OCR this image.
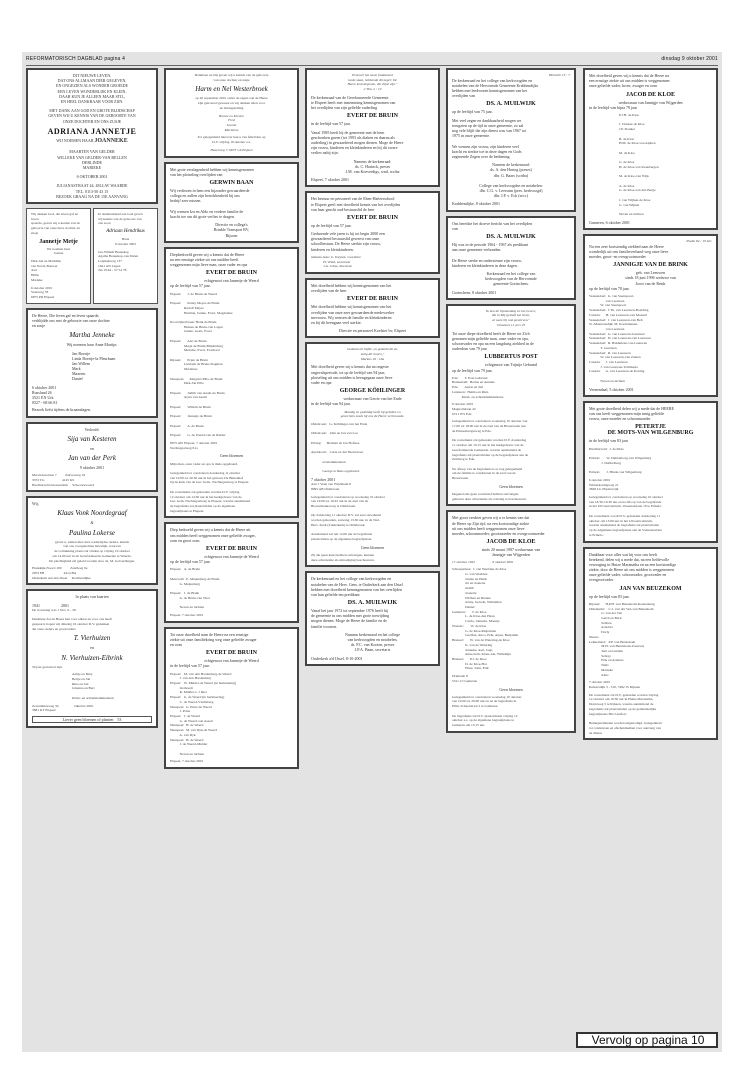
REFORMATORISCH DAGBLAD pagina 4	dinsdag 9 oktober 2001
DIT NIEUWE LEVEN,
DAT ONS ALLMAAN DIER GEGEVEN,
EN ONGEZIEN ALS WONDER GROEIDE
EEN LEVEN WONDERLIJK EN KLEIN,
DAAR KUN JE ALLEEN MAAR STIL,
EN HEEL DANKBAAR VOOR ZIJN.
MET DANK AAN GOD EN GROTE BLIJDSCHAP
GEVEN WIJ U KENNIS VAN DE GEBOORTE VAN
ONZE DOCHTER EN ONS ZUSJE
ADRIANA JANNETJE
WIJ NOEMEN HAAR JOANNEKE
MAARTEN VAN GELDER
WILLEKE VAN GELDER-VAN BELLEN
DERLINDE
MARIEKE
6 OKTOBER 2001
JULIANASTRAAT 44, 4814 AV WAARDE
TEL. 0113-50 43 15
BEZOEK GRAAG NA DE 15E AANVANG
Wij danken God, die leven gaf en leven
spaarde, geven wij u kennis van de
geboorte van onze lieve dochter en
zusje
Jannetje Metje
We noemen haar
Joanne
Dirk-Jan en Mathilde
van Nevel-Bouwer
Aart
Hillie
Marieke
6 oktober 2001
Veenweg 33
6875 PR Elspeet
In dankbaarheid aan God geven
wij kennis van de geboorte van
ons zoon
Adriaan Hendrikus
Hans
8 oktober 2001
Jan-Willem Beusekop
Agatha Beusekop-van Dalen
Leijdsekweg 137
1641 AN Lagen
Tel. 0164 - 57 54 78
De Heere, Die leven gaf en leven spaarde,
verblijdde ons met de geboorte van onze dochter
en zusje
Martha Jenneke
Wij noemen haar Anne Martijn.
Jan Boertje
Linda Boertje-la Fleurbaan
Jan Willem
Mark
Maarten
Daniel
6 oktober 2001
Russland 26
3521 EN Urk
0527 - 68 66 81
Bezoek liefst tijdens de kraamdagen.
Verloofd:
Sija van Kesteren
en
Jan van der Perk
9 oktober 2001
Mercuriusstraat 7          Kalverweg 19
3372 TG                    4145 KS
Hardinxveld-Giessendam     Schoonrewoerd
Wij,
Klaas Vonk Noordegraaf
&
Paulina Lokerse
geven u, samen met onze wederzijdse ouders, kennis
van ons voorgenomen huwelijk, waarvan
de voltrekking plaats zal vinden op vrijdag 19 oktober
om 14.00 uur in de Gereformeerde Gemeente te Waarde.
De plechtigheid zal geleid worden door ds. M. Golverdingen.
Elsakkijk-Noord 100          Zandweg 9e
2953 EB                      4414 BA
Ouderkerk aan den IJssel     Krabbendijke
In plaats van kaarten
1941                     2001
De trouwdag was 1 Nov. 6 - 29

Dankbaar dat de Heere hen voor elkaar en voor ons heeft
gespaard, hopen wij dinsdag 16 oktober D.V. gedenken
dat onze ouders en grootouders
T. Vierhuizen
en
N. Vierhuizen-Eibrink
50 jaar getrouwd zijn.
Aaltje en Diny
Bertje en Jan
Rina en Jan
Johanna en Bert

Klein- en achterkleinkinderen
Zevenhuizeweg 34                  Oktober 2001
3881 KT Elspeet
Liever geen bloemen of planten    53
Dankbaar en blij geven wij u kennis van de geboorte
van onze dochter en zusje
Harm en Nel Westerbroek
op 26 september 2001 onder de zegen van de Heere
zijn getrouwd geweest en wij danken allen voor
de belangstelling
Bouwe en Kirsten
Fred
Leonie
Marianne
Tot gelegenheid hierover kan u van felicitatie op
D.V. vrijdag 19 oktober a.s.
Haverweg 7, 6873 CA Elspeet
Met grote verslagenheid hebben wij kennisgenomen
van het plotseling overlijden van
GERWIN BAAN
Wij verliezen in hem een bijzonder gewaardeerde
collega en zullen zijn betrokkenheid bij ons
bedrijf zeer missen.

Wij wensen Iza en Aldo en verdere familie de
kracht toe om dit grote verlies te dragen.
Directie en collega's
Brinkle Transport BV,
Rijssen
Diepbedroefd geven wij u kennis dat de Heere
na een ernstige ziekte uit ons midden heeft
weggenomen mijn lieve man, onze vader en opa
EVERT DE BRUIN
echtgenoot van Jannetje de Weerd
op de leeftijd van 57 jaar.
Elspeet:       J. de Bruin-de Weerd

Elspeet:       Penny Meyer-de Bruin
Rudolf Meyer
Herman, Janine, Evert, Magdalene

Kootwijkerbroek: Henk de Bruin
Heleen de Bruin-van Lagen
Janine, Geert, Evert

Elspeet:       Aart de Bruin
Marja de Bruin-Blijdenberg
Melodie, Evert, Everhard

Rijssen:       Erjan de Bruin
Liesbeth de Bruin-Slagman
Marianne

Nunspeet:      Margriet Pillo-de Bruin
Dirk-Jan Pillo

Elspeet:       Judith van Asselt-de Bruin
Arjan van Asselt

Elspeet:       Willem de Bruin

Elspeet:       Jannetje de Bruin

Elspeet:       A. de Bruin

Elspeet:       G. de Weerd-van de Ridder
8075 AW Elspeet, 7 oktober 2001
Nachtegaalweg 61a
Geen bloemen
Mijn man, onze vader en opa is thuis opgebaard.

Gelegenheid tot condoleren donderdag 11 oktober
van 19.00 tot 20.30 uur in het gebouw De Buitenhof
bij de kerk van de Ger. Gem., Nachtegaalweg te Elspeet.

De rouwdienst zal gehouden worden D.V. vrijdag
12 oktober om 14.30 uur in het kerkgebouw van de
Ger. Gem. Nachtegaalweg te Elspeet, waarna aansluitend
de begrafenis zal plaatsvinden op de algemene
begraafplaats te Elspeet.
Diep bedroefd geven wij u kennis dat de Heere uit
ons midden heeft weggenomen onze geliefde zwager,
oom en groot oom
EVERT DE BRUIN
echtgenoot van Jannetje de Weerd
op de leeftijd van 57 jaar.
Elspeet:   A. de Bruin

Meerveld:  E. Meijenberg-de Bruin
G. Meijenberg

Elspeet:   J. de Bruin
A. de Bruin-van Vliet

Neven en nichten
Elspeet, 7 oktober 2001
Tot onze droefheid nam de Heere na een ernstige
ziekte uit onze familiekring weg onze geliefde zwager
en oom
EVERT DE BRUIN
echtgenoot van Jannetje de Weerd
in de leeftijd van 57 jaar.
Elspeet:   M. van den Hardenberg-de Weerd
J. van den Hardenberg
Elspeet:   W. Mulder-de Weerd (in herinnering)
Oerhoudt
R. Mulder-v. 't Riet
Elspeet:   G. de Weerd (in herinnering)
C. de Weerd-Vlemsberg
Nunspeet:  G. Prins-de Weerd
J. Prins
Elspeet:   J. de Weerd
G. de Weerd-van Asselt
Nunspeet:  H. de Weerd
Nunspeet:  M. van Dyk-de Weerd
A. van Dyk
Nunspeet:  H. de Weerd
J. de Weerd-Mulder

Neven en nichten
Elspeet, 7 oktober 2001
Evenwel het vaste fundament
Gods staat, hebbende dit zegel: De
Heere kent degenen, die Zijne zijn."
2 Tim. 2 : 19
De kerkenraad van de Gereformeerde Gemeente
te Elspeet heeft met instemming kennisgenomen van
het overlijden van zijn geliefde ouderling
EVERT DE BRUIN
in de leeftijd van 57 jaar.
Vanaf 1985 heeft hij de gemeente met de hem
geschonken gaven (tot 1993 als diaken en daarna als
ouderling) in gewaardeerd mogen dienen. Moge de Heere
zijn vrouw, kinderen en kleinkinderen en bij dit zware
verlies nabij zijn.
Namens de kerkenraad:
ds. C. Harinck, preses
J.M. van Koeverdigs, wnd. scriba
Elspeet, 7 oktober 2001
Het bestuur en personeel van de Eben-Haëzerschool
te Elspeet geeft met droefheid kennis van het overlijden
van haar geacht oud-bestuurslid de heer
EVERT DE BRUIN
op de leeftijd van 57 jaar.
Gedurende vele jaren is hij tot begin 2000 een
gewaardeerd bestuurslid geweest van onze
schoolbestuur. De Heere sterkte zijn vrouw,
kinderen en kleinkinderen.
namens deze: G. Kuyten, voorzitter
H. Wind, secretaris
J.A. Jobse, directeur
Met droefheid hebben wij kennisgenomen van het
overlijden van de heer
EVERT DE BRUIN
Met droefheid hebben wij kennisgenomen van het
overlijden van onze zeer gewaardeerde medewerker
mevrouw. Wij wensen de familie en kleinkinderen
en bij dit heengaan veel sterkte.
Directie en personeel Koelster bv, Elspeet
Gedenkt uit liefde, en gedenkt dit zo,
zalig dit rusten,"
Markus 16 : 16a
Met droefheid geven wij u kennis dat na ongeste
ongevalsperiode, tot op de leeftijd van 94 jaar,
plotseling uit ons midden is heengegaan onze lieve
vader en opa
GEORGE KÖHLINGER
weduwnaar van Gerrie van het Ende
in de leeftijd van 94 jaar.
Moedig en geduldig heeft hij geleden en
gevochten zoals hij ons de Heere vertrouwde.
Oldebroek:   G. Köhlinger-van het Ende

Oldebroek:   John en Jan van Loo

Elburg:      Herman en Jan Hofstee

Apeldoorn:   Carla en Jan Nieuwboer

en kleinkinderen

George is thuis opgebaard.
7 oktober 2001
Aan 't Veen van Wijckham 8
8095 AB Oldebroek
Gelegenheid tot condoleren op woensdag 10 oktober
van 19.00 tot 19.45 uur in de zaal van de
Brouwmenkoweg te Oldebroek.

Op donderdag 11 oktober D.V. zal een rouwdienst
worden gehouden, aanvang 13.30 uur, in de Ned.
Herv. Kerk (Zuiderkerk) te Oldebroek.

Aansluitend zal om 12.00 uur de begrafenis
plaatsvinden op de algemene begraafplaats.
Geen bloemen
Zij die geen kaart hebben ontvangen, kunnen
deze advertentie als uitnodiging beschouwen.
De kerkenraad en het college van kerkvoogden en
notabelen van de Herv. Gem. te Ouderkerk aan den IJssel
hebben met droefheid kennisgenomen van het overlijden
van hun geliefde em.predikant
DS. A. MUILWIJK
Vanaf het jaar 1972 tot september 1976 heeft hij
de gemeente in ons midden met grote toewijding
mogen dienen. Moge de Heere de familie en de
familie troosten.
Namens kerkenraad en het college
van kerkvoogden en notabelen,
ds. P.C. van Kooten, preses
J.P.A. Baan, secretaris
Ouderkerk a/d IJssel, 8-10-2001
Hebreën 13 : 7
De kerkenraad en het college van kerkvoogden en
notabelen van de Hervormde Gemeente Krabbendijke
hebben met leedwezen kennisgenomen van het
overlijden van
DS. A. MUILWIJK
op de leeftijd van 75 jaar.
Met veel zegen en dankbaarheid mogen we
terugzien op de tijd in onze gemeente, zo zal
nog vele blijft die zijn dienst was van 1967 tot
1975 in onze gemeente.

We wensen zijn vrouw, zijn kinderen veel
kracht en sterkte toe in deze dagen en Gods
zegenende Zegen over de bediening.
Namens de kerkenraad:
ds. A. den Hartog (preses)
dhr. G. Baars (scriba)

College van kerkvoogden en notabelen:
dhr. C.G. v. Leersum (pres. kerkvoogd)
dhr. J.P. v. Eck (secr.)
Krabbendijke, 8 oktober 2001
Ons bereikte het droeve bericht van het overlijden
van
DS. A. MUILWIJK
Hij was in de periode 1964 - 1967 als predikant
aan onze gemeente verbonden.

De Heere sterke en ondersteune zijn vrouw,
kinderen en kleinkinderen in deze dagen.
Kerkenraad en het college van
kerkvoogden van de Hervormde
gemeente Gorinchem.
Gorinchem, 8 oktober 2001
Ik ben de Opstanding en het Leven;
die in Mij gelooft zal leven,
al ware hij ook gestorven."
Johannes 11 vers 25
Tot onze diepe droefheid heeft de Heere tot Zich
genomen mijn geliefde man, onze vader en opa,
schoonvader en opa na een langdurig ziekbed in de
ouderdom van 79 jaar
LUBBERTUS POST
echtgenoot van Trijntje Gebrand
op de leeftijd van 79 jaar.
Ede:       T. Post-Gebrand
Bennekom:  Bertus en Anneke
Ede:       Anton en Juli
Lunteren:  Hetma en Rien
Klein- en achterkleinkinderen
8 oktober 2001
Magnolialaan 42
6721 WS Ede
Gelegenheid tot condoleren woensdag 10 oktober van
17.00 tot 18.00 uur in de zaal van de Bronzweek aan
de Prinsesbergerweg te Ede.

De rouwdienst zal gehouden worden D.V. donderdag
11 oktober om 10.15 uur in het kerkgebouw van de
Gereformeerde Gemeente, waarna aansluitend de
begrafenis zal plaatsvinden op de begraafplaats aan de
Zuidweg te Ede.

Na afloop van de begrafenis is er nog gelegenheid
om de familie te condoleren in de zaal van de
Bronzweek.
Geen bloemen
Degenen die geen rouwbrief hebben ontvangen,
gelieven deze advertentie als zodanig te beschouwen.
Met groot verdriet geven wij u er kennis van dat
de Heere op Zijn tijd, na een kortstondige ziekte
uit ons midden heeft weggenomen onze lieve
moeder, schoonmoeder, grootmoeder en overgrootmoeder
JACOB DE KLOE
sinds 20 maart 1987 weduwnaar van
Jannigje van Wijgerden
17 oktober 1922                    6 oktober 2001
Scherpenisse:  J. van Weelden-de Kloe
G. van Weelden
Jannie en Henk
Jet en Jeanette
Judith
Jeanette
Dirthan en Rianne
Jenny, Gerwin, Willemien
Daniel
Gameren:       T. de Kloe
L. de Kloe-den Haan
Carrie, Jannette, Maartje
Waarde:        W. de Kloe
G. de Kloe-Reijerman
Geolfen, Anco, Erik, Arjan, Benjamin
Bruksel:       W. van de Wetering-de Kloe
K. van de Wetering
Jenneke, Aart, Jaap,
Anne-beth, Klaas-Jan, Willemijn
Bruksel:       P.J. de Kloe
D. de Kloe-Hoi
Eline, John, Erik
Driehoek 8
5311 CJ Gameren
Geen bloemen
Gelegenheid tot condoleren woensdag 10 oktober
van 19.00 tot 20.00 uur en na de begrafenis in
Elim, Scheerstraat 2 te Gameren.

De begrafenis zal D.V. plaatsvinden vrijdag 12
oktober a.s. op de algemene begraafplaats te
Gameren om 13.15 uur.
Met droefheid geven wij u kennis dat de Heere na
een ernstige ziekte uit ons midden is weggenomen
onze geliefde vader, broer, zwager en oom
JACOB DE KLOE
weduwnaar van Jannigje van Wijgerden
in de leeftijd van bijna 79 jaar
P.J.H. de Kloe

J. Donker-de Kloe
J.P. Donker

B. de Kloe
H.M. de Kloe-van Alphen

M. de Kloe

G. de Kloe
H. de Kloe-van Steenbergen

M. de Kloe-van Wijk

A. de Kloe
G. de Kloe-van den Berge

J. van Wijhen-de Kloe
G. van Wijhen

Neven en nichten
Gameren, 6 oktober 2001
Psalm 84 : 19 ber.
Na een zeer kortstondig ziekbed nam de Heere
wonderlijk uit ons familieverband weg onze lieve
moeder, groot- en overgrootmoeder
JANNIGJE VAN DE BRINK
geb. van Leeuwen
sinds 18 juni 1996 weduwe van
Joost van de Brink
op de leeftijd van 78 jaar.
Veenendaal:  G. van Steenpoort-
van Leeuwen
W. van Steenpoort
Veenendaal:  J.Th. van Leeuwen-Boelding
Canada:      H. van Leeuwen-van Mosselt
Veenendaal:  J. van Leeuwen-van Belt
St.-Maartensdijk: M. Koerntheuen-
van Leeuwen
Veenendaal:  G. van Leeuwen-Geurtsen
Veenendaal:  D. van Leeuwen-van Leeuwen
Veenendaal:  R. Hakhuizen-van Leeuwen
T. Geurtsen
Veenendaal:  R. van Leeuwen
W. van Leeuwen-van Zanten
Canada:      J. van Leeuwen
J. van Leeuwen-Tommasia
Canada:      A. van Leeuwen-de Koning

Neven en nichten
Veenendaal, 5 oktober 2001
Met grote droefheid delen wij u mede dat de HEERE
van ons heeft weggenomen mijn innig geliefde
vrouw, onze moeder en schoonmoeder
PETERTJE
DE MOTS-VAN WILGENBURG
in de leeftijd van 83 jaar
Hardinxveld:  J. de Mots

Ermelo:       W. Dubbelborg-van Wilgenburg
J. Dubbelborg

Ermelo:       J. Hinde-van Wilgenburg
6 oktober 2001
Winterkoningweg 21
3849 LG Harderwijk
Gelegenheid tot condoleren op woensdag 10 oktober
van 18.30-19.30 uur en na afloop van de begrafenis
in het Uitvaartcentrum, Vassenaarlaan 10 te Ermelo.

De rouwdienst wordt D.V. gehouden donderdag 11
oktober om 13.00 uur in het Uitvaartcentrum,
waarna aansluitend de begrafenis zal plaatsvinden
op de Algemene begraafplaats aan de Vassenaarlaan
te Ermelo.
Dankbaar voor alles wat hij voor ons heeft
betekend, delen wij u mede dat, na een liefdevolle
verzorging in Huize Maranatha en na een kortstondige
ziekte, door de Heere uit ons midden is weggenomen
onze geliefde vader, schoonvader, grootvader en
overgrootvader
JAN VAN BEUZEKOM
op de leeftijd van 83 jaar.
Rijssen:      H.P.H. van Beuzekom-Koenenberg
Oldemarkt:    C.J. van der Ven-van Beuzekom
G. van der Ven
Gerrit en Berit
Sebben
Arnolda
Dorly
Nieuw-
Lekkerland:   P.P. van Beuzekom
M.H. van Beuzekom-Zoetewij
Jurn en Gridian
Sebrey
Erik en Arianne
Niels
Marieke
Alies
7 oktober 2001
Keizersdijk 3 - 310, 7482 JS Rijssen
De rouwdienst zal D.V. gehouden worden vrijdag
12 oktober om 10.30 uur in Huize Maranatha,
Dorpsweg 5 te Rijssen, waarna aansluitend de
begrafenis zal plaatsvinden op de gemeentelijke
begraafplaats Het Lantfort.

Belangstellenden worden uitgenodigd. Gelegenheid
tot condoleren en afscheidnemen voor aanvang van
de dienst.
Vervolg op pagina 10
